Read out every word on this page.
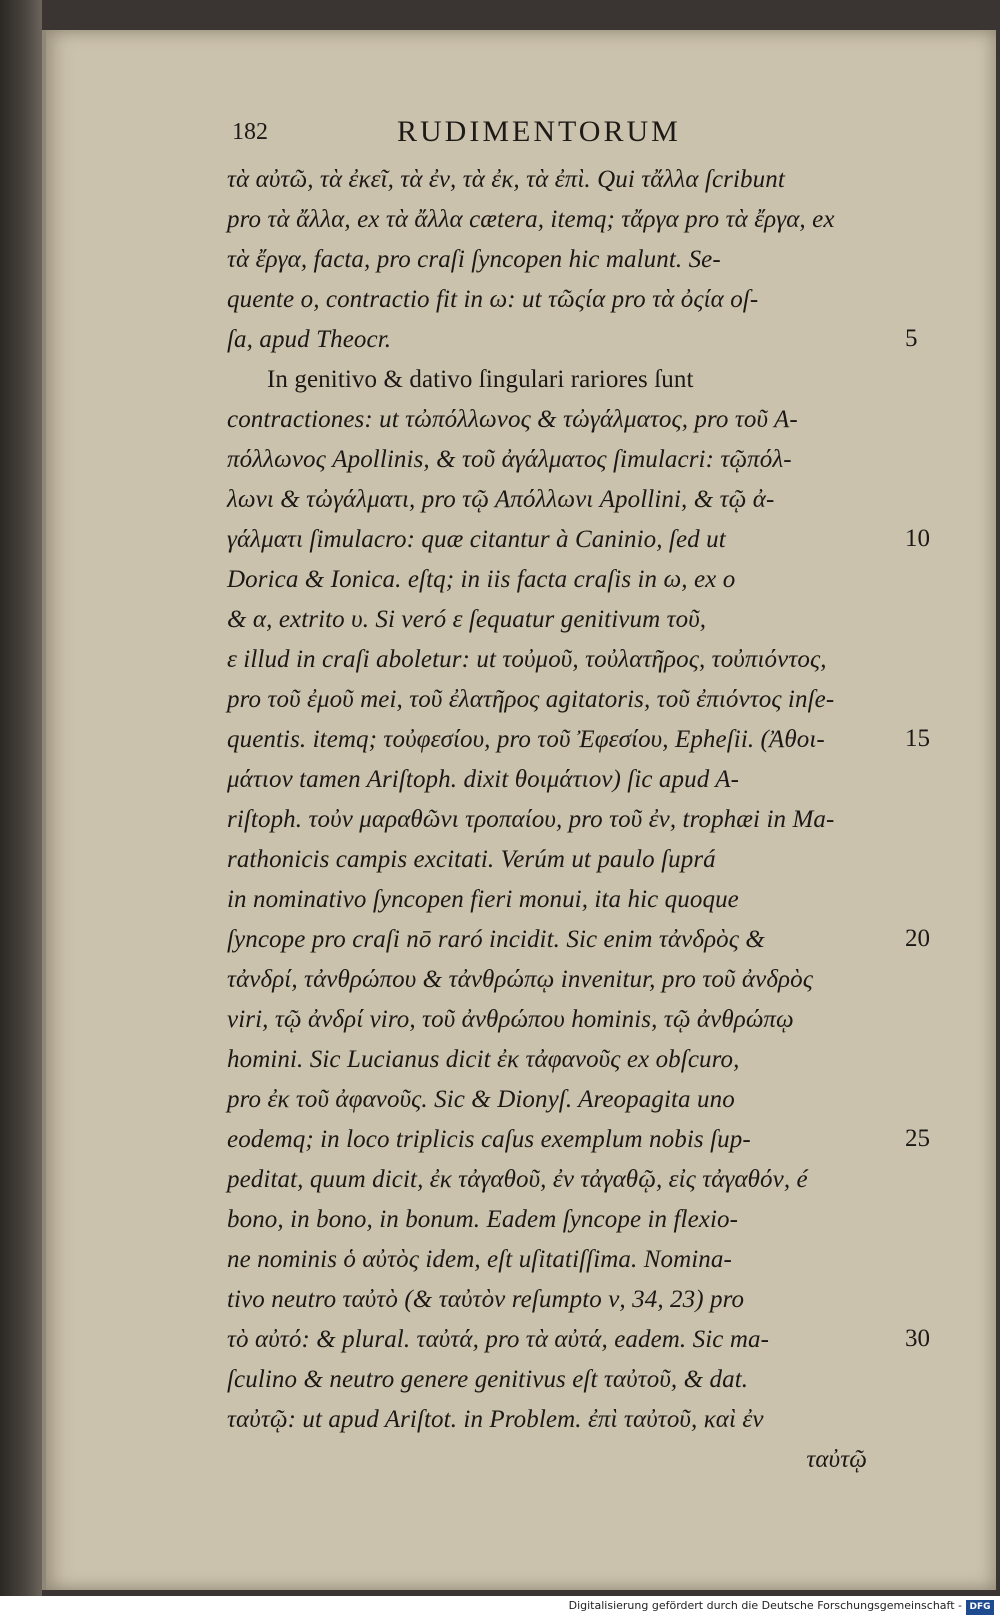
182	RUDIMENTORUM
τὰ αὐτῶ, τὰ ἐκεῖ, τὰ ἐν, τὰ ἐκ, τὰ ἐπὶ. Qui τἄλλα ſcribunt
pro τὰ ἄλλα, ex τὰ ἄλλα cætera, itemq; τἄργα pro τὰ ἔργα, ex
τὰ ἔργα, facta, pro craſi ſyncopen hic malunt. Se-
quente o, contractio fit in ω: ut τῶςία pro τὰ ὀςία oſ-
ſa, apud Theocr.
In genitivo & dativo ſingulari rariores ſunt
contractiones: ut τὠπόλλωνος & τὠγάλματος, pro τοῦ Α-
πόλλωνος Apollinis, & τοῦ ἀγάλματος ſimulacri: τῷπόλ-
λωνι & τὠγάλματι, pro τῷ Απόλλωνι Apollini, & τῷ ἀ-
γάλματι ſimulacro: quæ citantur à Caninio, ſed ut
Dorica & Ionica. eſtq; in iis facta craſis in ω, ex o
& α, extrito υ. Si veró ε ſequatur genitivum τοῦ,
ε illud in craſi aboletur: ut τοὐμοῦ, τοὐλατῆρος, τοὐπιόντος,
pro τοῦ ἐμοῦ mei, τοῦ ἐλατῆρος agitatoris, τοῦ ἐπιόντος inſe-
quentis. itemq; τοὐφεσίου, pro τοῦ Ἐφεσίου, Epheſii. (Ἀθοι-
μάτιον tamen Ariſtoph. dixit θοιμάτιον) ſic apud A-
riſtoph. τοὐν μαραθῶνι τροπαίου, pro τοῦ ἐν, trophæi in Ma-
rathonicis campis excitati. Verúm ut paulo ſuprá
in nominativo ſyncopen fieri monui, ita hic quoque
ſyncope pro craſi nō raró incidit. Sic enim τἀνδρὸς &
τἀνδρί, τἀνθρώπου & τἀνθρώπῳ invenitur, pro τοῦ ἀνδρὸς
viri, τῷ ἀνδρί viro, τοῦ ἀνθρώπου hominis, τῷ ἀνθρώπῳ
homini. Sic Lucianus dicit ἐκ τἀφανοῦς ex obſcuro,
pro ἐκ τοῦ ἀφανοῦς. Sic & Dionyſ. Areopagita uno
eodemq; in loco triplicis caſus exemplum nobis ſup-
peditat, quum dicit, ἐκ τἀγαθοῦ, ἐν τἀγαθῷ, εἰς τἀγαθόν, é
bono, in bono, in bonum. Eadem ſyncope in flexio-
ne nominis ὁ αὐτὸς idem, eſt uſitatiſſima. Nomina-
tivo neutro ταὐτὸ (& ταὐτὸν reſumpto ν, 34, 23) pro
τὸ αὐτό: & plural. ταὐτά, pro τὰ αὐτά, eadem. Sic ma-
ſculino & neutro genere genitivus eſt ταὐτοῦ, & dat.
ταὐτῷ: ut apud Ariſtot. in Problem. ἐπὶ ταὐτοῦ, καὶ ἐν
ταὐτῷ
5
10
15
20
25
30
Digitalisierung gefördert durch die Deutsche Forschungsgemeinschaft - DFG
